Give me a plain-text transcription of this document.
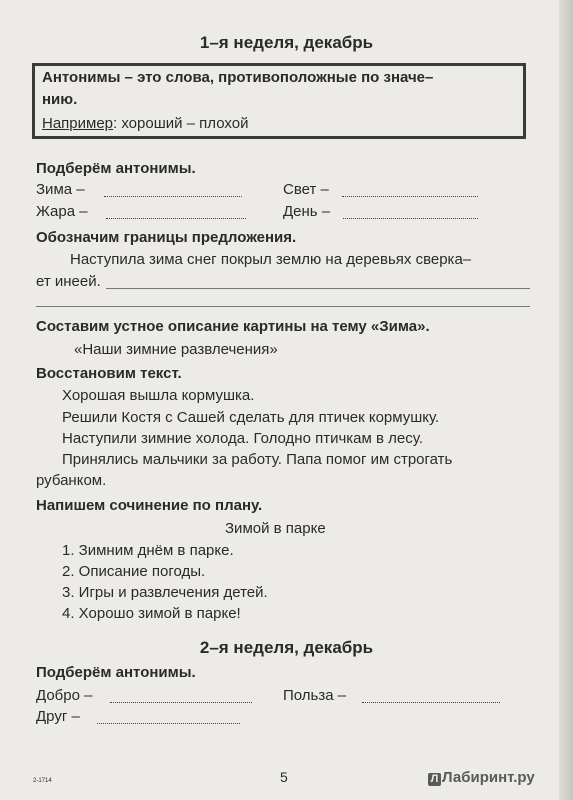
1–я неделя, декабрь
Антонимы – это слова, противоположные по значе–
нию.
Например: хороший – плохой
Подберём антонимы.
Зима –	Свет –
Жара –	День –
Обозначим границы предложения.
Наступила зима снег покрыл землю на деревьях сверка–
ет инеей.
Составим устное описание картины на тему «Зима».
«Наши зимние развлечения»
Восстановим текст.
Хорошая вышла кормушка.
Решили Костя с Сашей сделать для птичек кормушку.
Наступили зимние холода. Голодно птичкам в лесу.
Принялись мальчики за работу. Папа помог им строгать
рубанком.
Напишем сочинение по плану.
Зимой в парке
1. Зимним днём в парке.
2. Описание погоды.
3. Игры и развлечения детей.
4. Хорошо зимой в парке!
2–я неделя, декабрь
Подберём антонимы.
Добро –	Польза –
Друг –
2-1714	5	Л Лабиринт.ру
